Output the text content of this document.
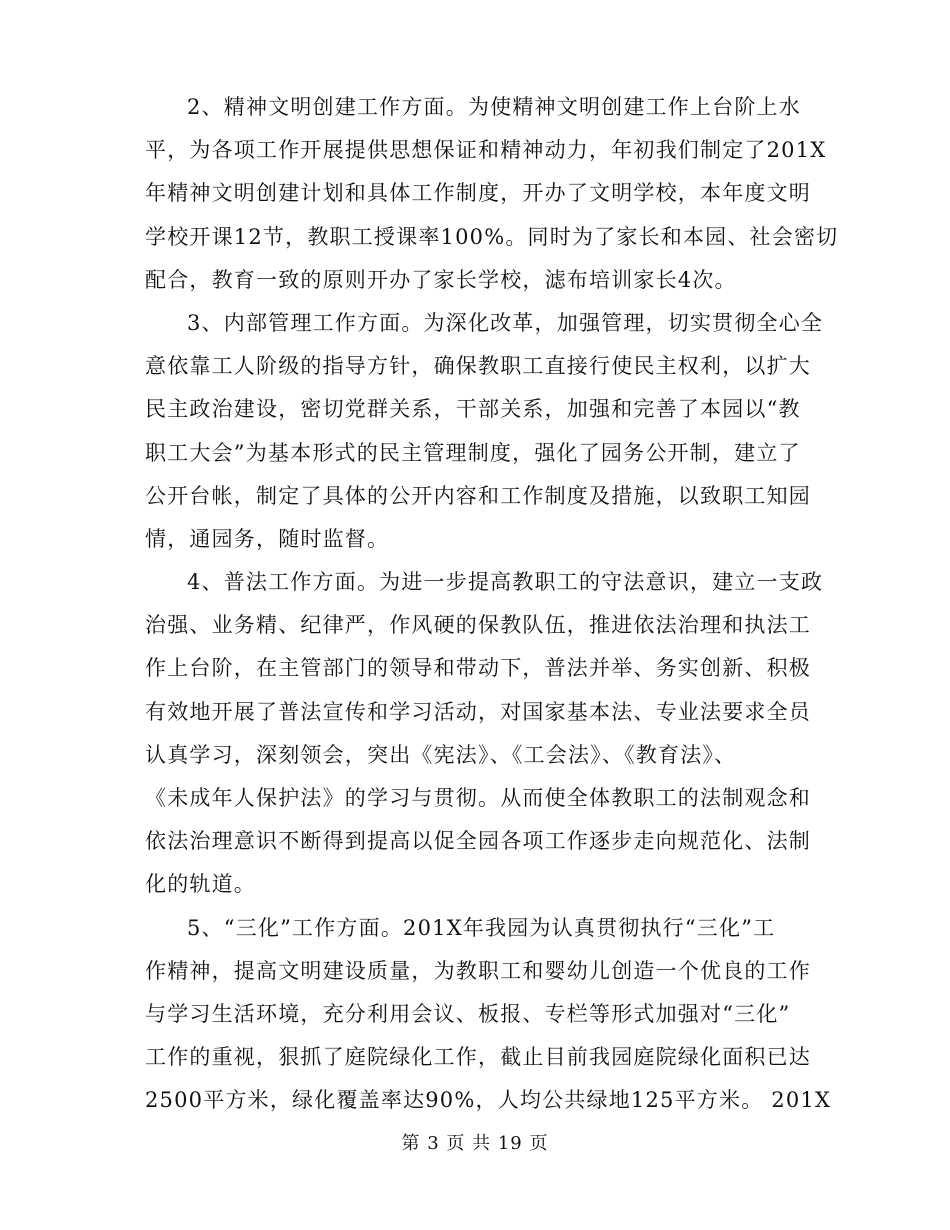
2、精神文明创建工作方面。为使精神文明创建工作上台阶上水
平，为各项工作开展提供思想保证和精神动力，年初我们制定了201X
年精神文明创建计划和具体工作制度，开办了文明学校，本年度文明
学校开课12节，教职工授课率100%。同时为了家长和本园、社会密切
配合，教育一致的原则开办了家长学校，滤布培训家长4次。
3、内部管理工作方面。为深化改革，加强管理，切实贯彻全心全
意依靠工人阶级的指导方针，确保教职工直接行使民主权利，以扩大
民主政治建设，密切党群关系，干部关系，加强和完善了本园以“教
职工大会”为基本形式的民主管理制度，强化了园务公开制，建立了
公开台帐，制定了具体的公开内容和工作制度及措施，以致职工知园
情，通园务，随时监督。
4、普法工作方面。为进一步提高教职工的守法意识，建立一支政
治强、业务精、纪律严，作风硬的保教队伍，推进依法治理和执法工
作上台阶，在主管部门的领导和带动下，普法并举、务实创新、积极
有效地开展了普法宣传和学习活动，对国家基本法、专业法要求全员
认真学习，深刻领会，突出《宪法》、《工会法》、《教育法》、
《未成年人保护法》的学习与贯彻。从而使全体教职工的法制观念和
依法治理意识不断得到提高以促全园各项工作逐步走向规范化、法制
化的轨道。
5、“三化”工作方面。201X年我园为认真贯彻执行“三化”工
作精神，提高文明建设质量，为教职工和婴幼儿创造一个优良的工作
与学习生活环境，充分利用会议、板报、专栏等形式加强对“三化”
工作的重视，狠抓了庭院绿化工作，截止目前我园庭院绿化面积已达
2500平方米，绿化覆盖率达90%，人均公共绿地125平方米。 201X
第 3 页 共 19 页
